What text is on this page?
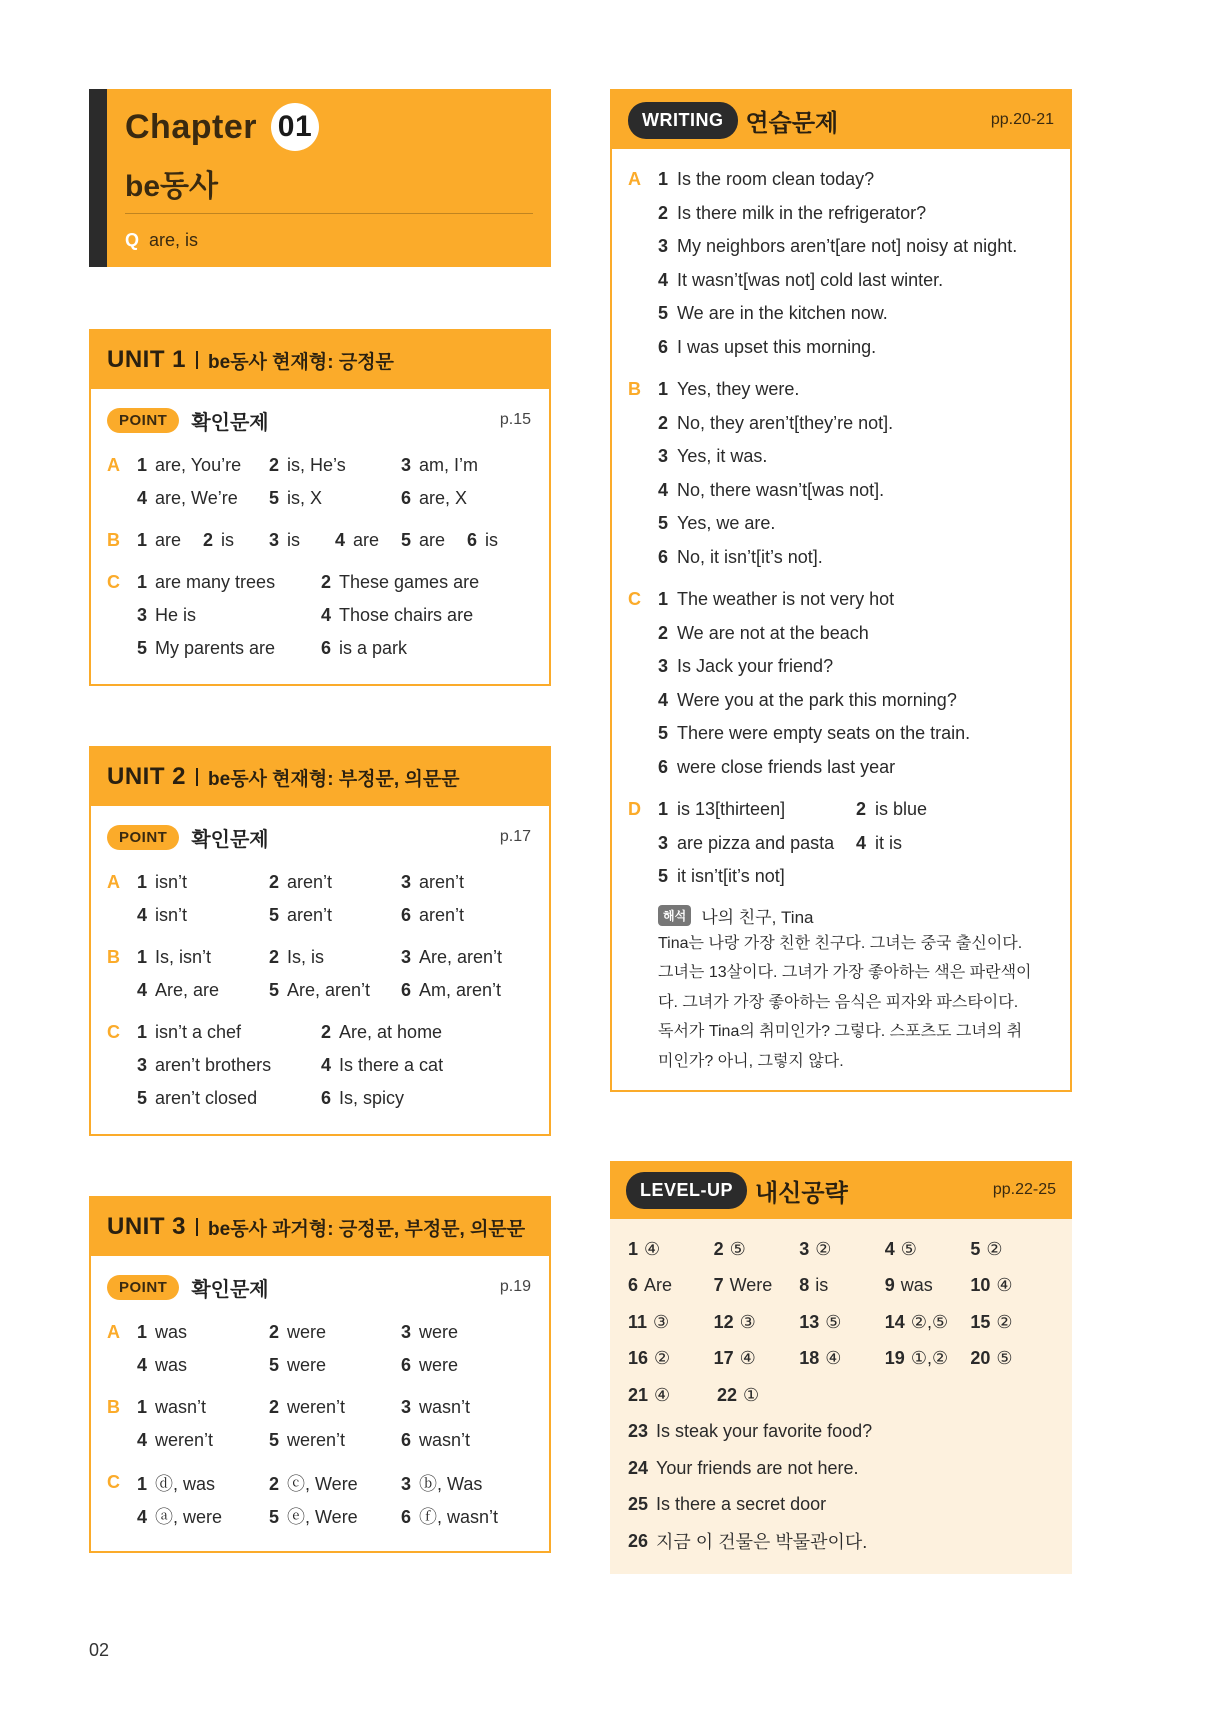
Chapter 01
be동사
Q are, is
UNIT 1 be동사 현재형: 긍정문
POINT	확인문제	p.15
A 1 are, You’re	2 is, He’s	3 am, I’m
4 are, We’re	5 is, X	6 are, X
B 1 are	2 is	3 is	4 are	5 are	6 is
C 1 are many trees	2 These games are
3 He is	4 Those chairs are
5 My parents are	6 is a park
UNIT 2 be동사 현재형: 부정문, 의문문
POINT	확인문제	p.17
A 1 isn’t	2 aren’t	3 aren’t
4 isn’t	5 aren’t	6 aren’t
B 1 Is, isn’t	2 Is, is	3 Are, aren’t
4 Are, are	5 Are, aren’t	6 Am, aren’t
C 1 isn’t a chef	2 Are, at home
3 aren’t brothers	4 Is there a cat
5 aren’t closed	6 Is, spicy
UNIT 3 be동사 과거형: 긍정문, 부정문, 의문문
POINT	확인문제	p.19
A 1 was	2 were	3 were
4 was	5 were	6 were
B 1 wasn’t	2 weren’t	3 wasn’t
4 weren’t	5 weren’t	6 wasn’t
C 1 ⓓ, was	2 ⓒ, Were	3 ⓑ, Was
4 ⓐ, were	5 ⓔ, Were	6 ⓕ, wasn’t
WRITING 연습문제	pp.20-21
A 1 Is the room clean today?
2 Is there milk in the refrigerator?
3 My neighbors aren’t[are not] noisy at night.
4 It wasn’t[was not] cold last winter.
5 We are in the kitchen now.
6 I was upset this morning.
B 1 Yes, they were.
2 No, they aren’t[they’re not].
3 Yes, it was.
4 No, there wasn’t[was not].
5 Yes, we are.
6 No, it isn’t[it’s not].
C 1 The weather is not very hot
2 We are not at the beach
3 Is Jack your friend?
4 Were you at the park this morning?
5 There were empty seats on the train.
6 were close friends last year
D 1 is 13[thirteen]	2 is blue
3 are pizza and pasta	4 it is
5 it isn’t[it’s not]
해석 나의 친구, Tina
Tina는 나랑 가장 친한 친구다. 그녀는 중국 출신이다.
그녀는 13살이다. 그녀가 가장 좋아하는 색은 파란색이
다. 그녀가 가장 좋아하는 음식은 피자와 파스타이다.
독서가 Tina의 취미인가? 그렇다. 스포츠도 그녀의 취
미인가? 아니, 그렇지 않다.
LEVEL-UP 내신공략	pp.22-25
1 ④	2 ⑤	3 ②	4 ⑤	5 ②
6 Are	7 Were	8 is	9 was	10 ④
11 ③	12 ③	13 ⑤	14 ②,⑤	15 ②
16 ②	17 ④	18 ④	19 ①,②	20 ⑤
21 ④	22 ①
23 Is steak your favorite food?
24 Your friends are not here.
25 Is there a secret door
26 지금 이 건물은 박물관이다.
02
